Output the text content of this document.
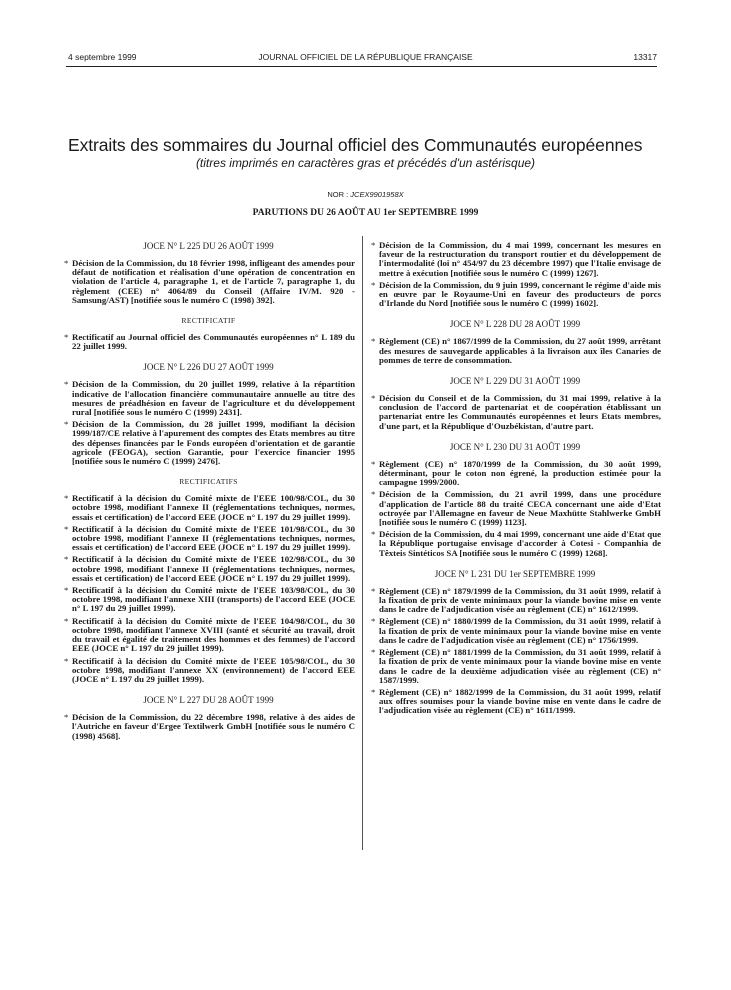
4 septembre 1999	JOURNAL OFFICIEL DE LA RÉPUBLIQUE FRANÇAISE	13317
Extraits des sommaires du Journal officiel des Communautés européennes
(titres imprimés en caractères gras et précédés d'un astérisque)
NOR : JCEX9901958X
PARUTIONS DU 26 AOÛT AU 1er SEPTEMBRE 1999
JOCE N° L 225 DU 26 AOÛT 1999
* Décision de la Commission, du 18 février 1998, infligeant des amendes pour défaut de notification et réalisation d'une opération de concentration en violation de l'article 4, paragraphe 1, et de l'article 7, paragraphe 1, du règlement (CEE) n° 4064/89 du Conseil (Affaire IV/M. 920 - Samsung/AST) [notifiée sous le numéro C (1998) 392].
RECTIFICATIF
* Rectificatif au Journal officiel des Communautés européennes n° L 189 du 22 juillet 1999.
JOCE N° L 226 DU 27 AOÛT 1999
* Décision de la Commission, du 20 juillet 1999, relative à la répartition indicative de l'allocation financière communautaire annuelle au titre des mesures de préadhésion en faveur de l'agriculture et du développement rural [notifiée sous le numéro C (1999) 2431].
* Décision de la Commission, du 28 juillet 1999, modifiant la décision 1999/187/CE relative à l'apurement des comptes des Etats membres au titre des dépenses financées par le Fonds européen d'orientation et de garantie agricole (FEOGA), section Garantie, pour l'exercice financier 1995 [notifiée sous le numéro C (1999) 2476].
RECTIFICATIFS
* Rectificatif à la décision du Comité mixte de l'EEE 100/98/COL, du 30 octobre 1998, modifiant l'annexe II (réglementations techniques, normes, essais et certification) de l'accord EEE (JOCE n° L 197 du 29 juillet 1999).
* Rectificatif à la décision du Comité mixte de l'EEE 101/98/COL, du 30 octobre 1998, modifiant l'annexe II (réglementations techniques, normes, essais et certification) de l'accord EEE (JOCE n° L 197 du 29 juillet 1999).
* Rectificatif à la décision du Comité mixte de l'EEE 102/98/COL, du 30 octobre 1998, modifiant l'annexe II (réglementations techniques, normes, essais et certification) de l'accord EEE (JOCE n° L 197 du 29 juillet 1999).
* Rectificatif à la décision du Comité mixte de l'EEE 103/98/COL, du 30 octobre 1998, modifiant l'annexe XIII (transports) de l'accord EEE (JOCE n° L 197 du 29 juillet 1999).
* Rectificatif à la décision du Comité mixte de l'EEE 104/98/COL, du 30 octobre 1998, modifiant l'annexe XVIII (santé et sécurité au travail, droit du travail et égalité de traitement des hommes et des femmes) de l'accord EEE (JOCE n° L 197 du 29 juillet 1999).
* Rectificatif à la décision du Comité mixte de l'EEE 105/98/COL, du 30 octobre 1998, modifiant l'annexe XX (environnement) de l'accord EEE (JOCE n° L 197 du 29 juillet 1999).
JOCE N° L 227 DU 28 AOÛT 1999
* Décision de la Commission, du 22 décembre 1998, relative à des aides de l'Autriche en faveur d'Ergee Textilwerk GmbH [notifiée sous le numéro C (1998) 4568].
* Décision de la Commission, du 4 mai 1999, concernant les mesures en faveur de la restructuration du transport routier et du développement de l'intermodalité (loi n° 454/97 du 23 décembre 1997) que l'Italie envisage de mettre à exécution [notifiée sous le numéro C (1999) 1267].
* Décision de la Commission, du 9 juin 1999, concernant le régime d'aide mis en œuvre par le Royaume-Uni en faveur des producteurs de porcs d'Irlande du Nord [notifiée sous le numéro C (1999) 1602].
JOCE N° L 228 DU 28 AOÛT 1999
* Règlement (CE) n° 1867/1999 de la Commission, du 27 août 1999, arrêtant des mesures de sauvegarde applicables à la livraison aux îles Canaries de pommes de terre de consommation.
JOCE N° L 229 DU 31 AOÛT 1999
* Décision du Conseil et de la Commission, du 31 mai 1999, relative à la conclusion de l'accord de partenariat et de coopération établissant un partenariat entre les Communautés européennes et leurs Etats membres, d'une part, et la République d'Ouzbékistan, d'autre part.
JOCE N° L 230 DU 31 AOÛT 1999
* Règlement (CE) n° 1870/1999 de la Commission, du 30 août 1999, déterminant, pour le coton non égrené, la production estimée pour la campagne 1999/2000.
* Décision de la Commission, du 21 avril 1999, dans une procédure d'application de l'article 88 du traité CECA concernant une aide d'Etat octroyée par l'Allemagne en faveur de Neue Maxhütte Stahlwerke GmbH [notifiée sous le numéro C (1999) 1123].
* Décision de la Commission, du 4 mai 1999, concernant une aide d'Etat que la République portugaise envisage d'accorder à Cotesi - Companhia de Têxteis Sintéticos SA [notifiée sous le numéro C (1999) 1268].
JOCE N° L 231 DU 1er SEPTEMBRE 1999
* Règlement (CE) n° 1879/1999 de la Commission, du 31 août 1999, relatif à la fixation de prix de vente minimaux pour la viande bovine mise en vente dans le cadre de l'adjudication visée au règlement (CE) n° 1612/1999.
* Règlement (CE) n° 1880/1999 de la Commission, du 31 août 1999, relatif à la fixation de prix de vente minimaux pour la viande bovine mise en vente dans le cadre de l'adjudication visée au règlement (CE) n° 1756/1999.
* Règlement (CE) n° 1881/1999 de la Commission, du 31 août 1999, relatif à la fixation de prix de vente minimaux pour la viande bovine mise en vente dans le cadre de la deuxième adjudication visée au règlement (CE) n° 1587/1999.
* Règlement (CE) n° 1882/1999 de la Commission, du 31 août 1999, relatif aux offres soumises pour la viande bovine mise en vente dans le cadre de l'adjudication visée au règlement (CE) n° 1611/1999.
